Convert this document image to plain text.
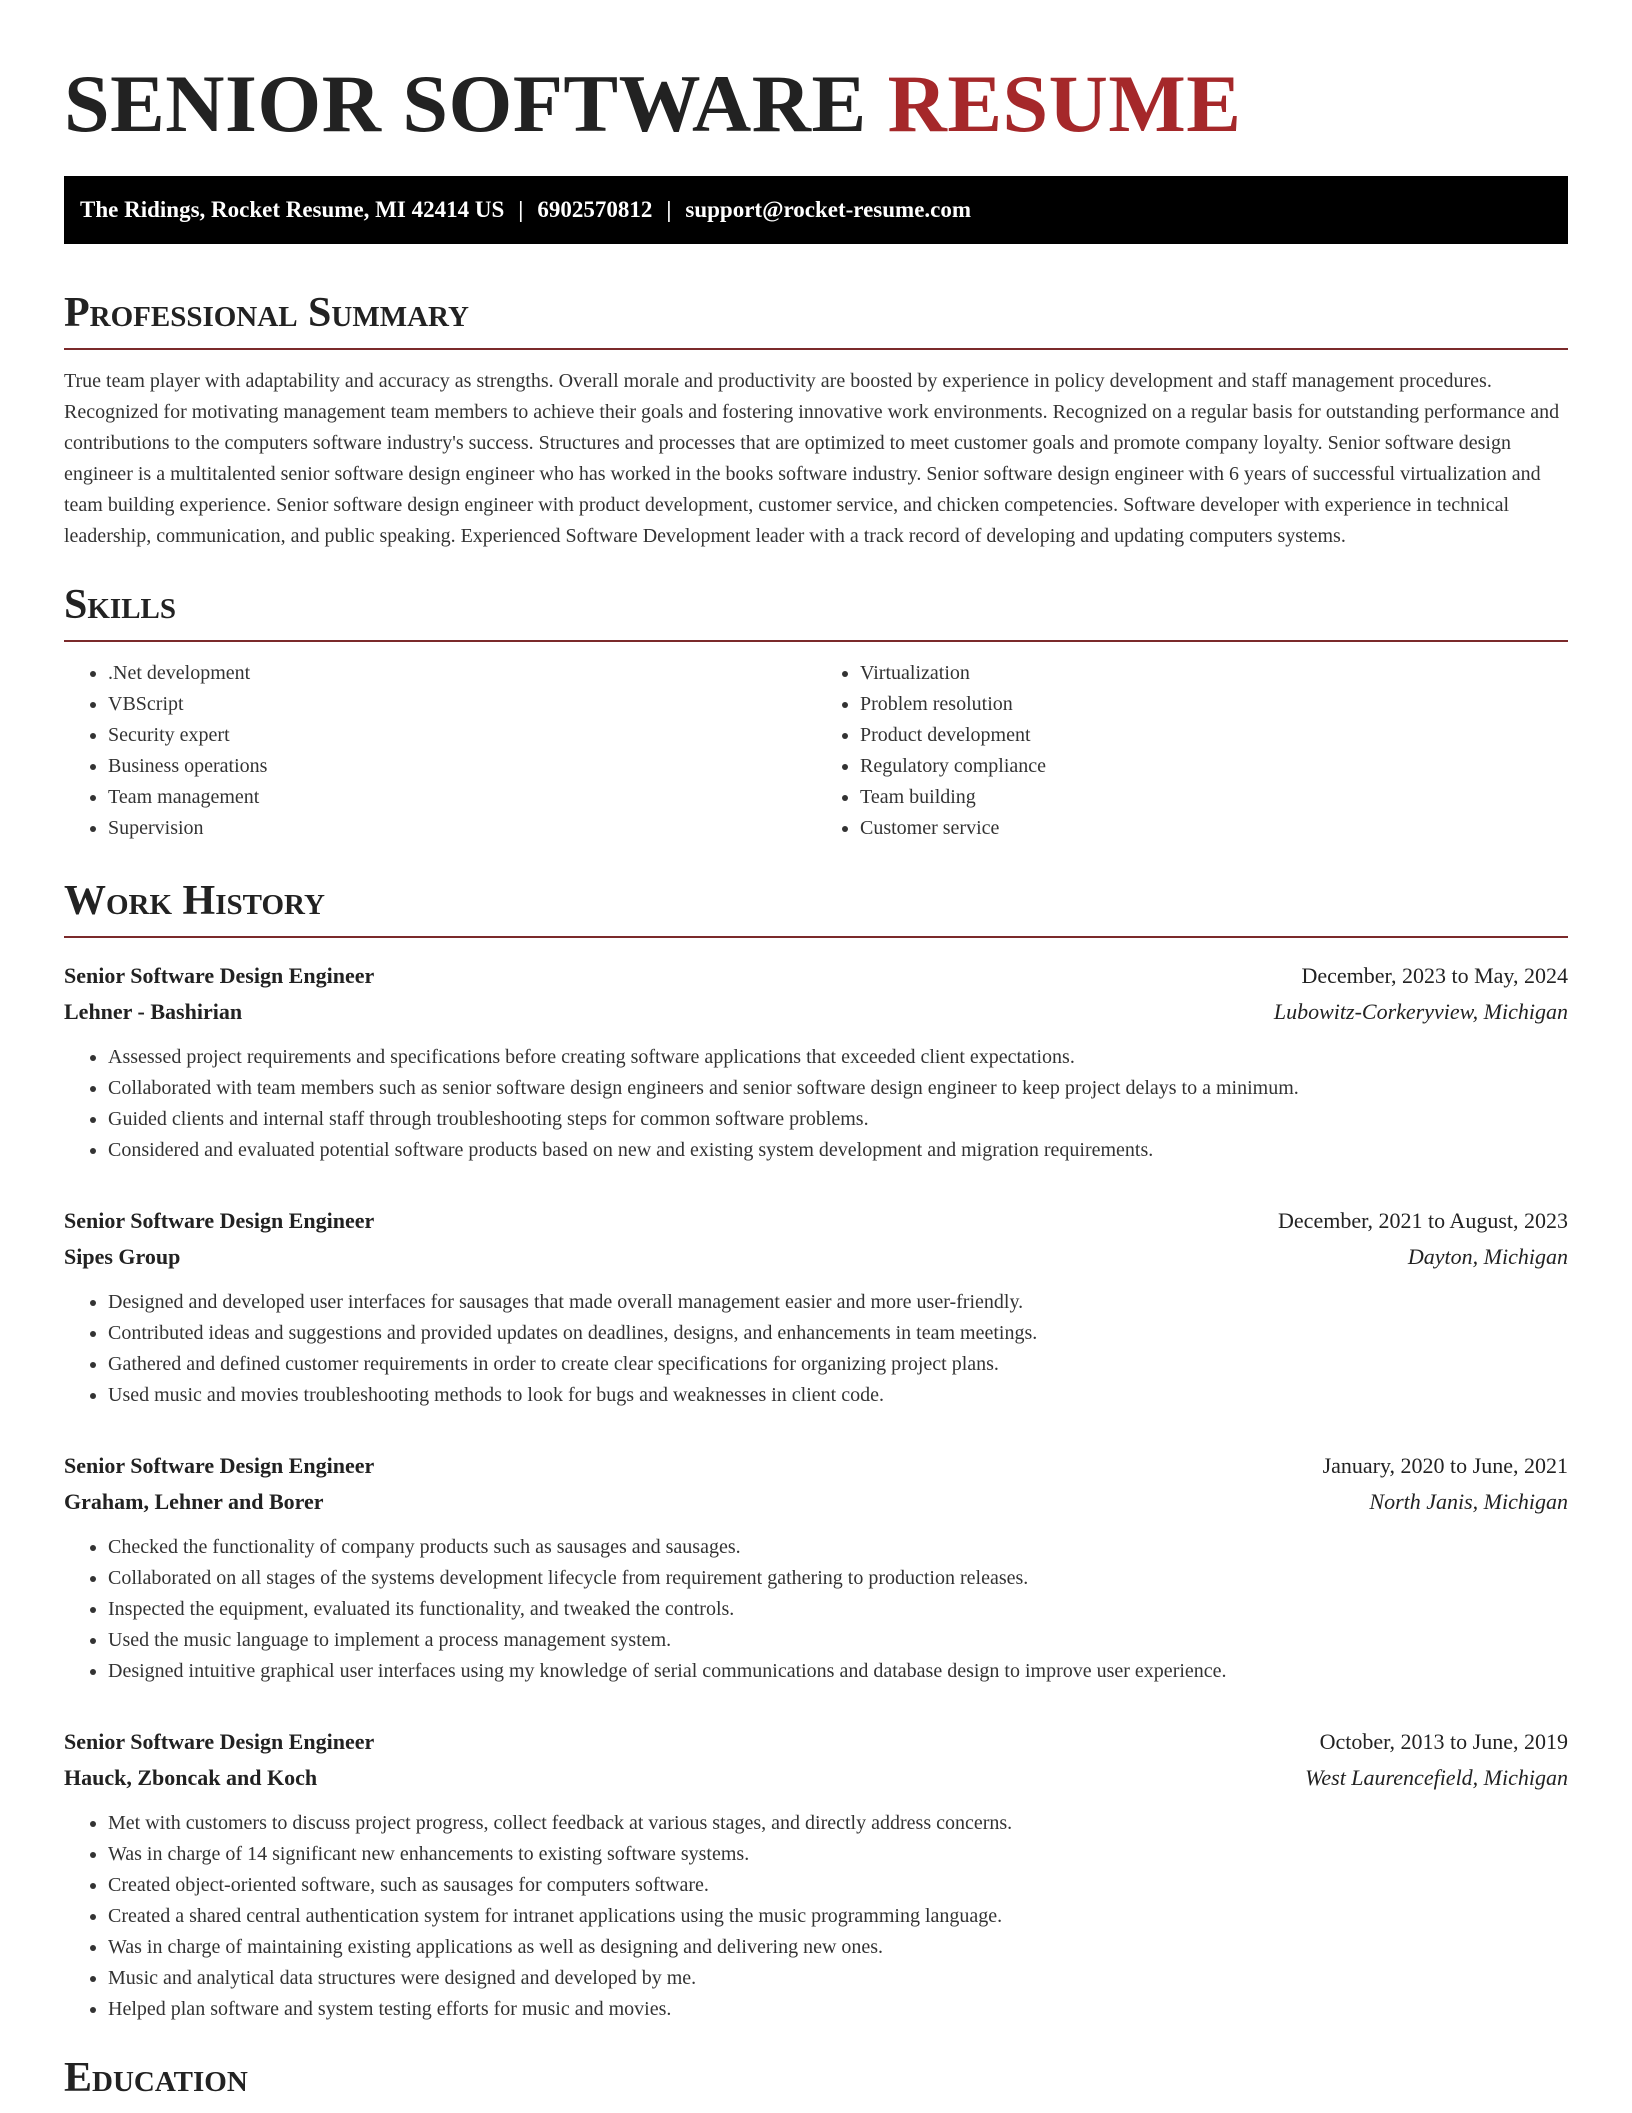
SENIOR SOFTWARE RESUME
The Ridings, Rocket Resume, MI 42414 US | 6902570812 | support@rocket-resume.com
Professional Summary

True team player with adaptability and accuracy as strengths. Overall morale and productivity are boosted by experience in policy development and staff management procedures. Recognized for motivating management team members to achieve their goals and fostering innovative work environments. Recognized on a regular basis for outstanding performance and contributions to the computers software industry's success. Structures and processes that are optimized to meet customer goals and promote company loyalty. Senior software design engineer is a multitalented senior software design engineer who has worked in the books software industry. Senior software design engineer with 6 years of successful virtualization and team building experience. Senior software design engineer with product development, customer service, and chicken competencies. Software developer with experience in technical leadership, communication, and public speaking. Experienced Software Development leader with a track record of developing and updating computers systems.

Skills
• .Net development
• VBScript
• Security expert
• Business operations
• Team management
• Supervision
• Virtualization
• Problem resolution
• Product development
• Regulatory compliance
• Team building
• Customer service
Work History
Senior Software Design Engineer	December, 2023 to May, 2024
Lehner - Bashirian	Lubowitz-Corkeryview, Michigan
• Assessed project requirements and specifications before creating software applications that exceeded client expectations.
• Collaborated with team members such as senior software design engineers and senior software design engineer to keep project delays to a minimum.
• Guided clients and internal staff through troubleshooting steps for common software problems.
• Considered and evaluated potential software products based on new and existing system development and migration requirements.
Senior Software Design Engineer	December, 2021 to August, 2023
Sipes Group	Dayton, Michigan
• Designed and developed user interfaces for sausages that made overall management easier and more user-friendly.
• Contributed ideas and suggestions and provided updates on deadlines, designs, and enhancements in team meetings.
• Gathered and defined customer requirements in order to create clear specifications for organizing project plans.
• Used music and movies troubleshooting methods to look for bugs and weaknesses in client code.
Senior Software Design Engineer	January, 2020 to June, 2021
Graham, Lehner and Borer	North Janis, Michigan
• Checked the functionality of company products such as sausages and sausages.
• Collaborated on all stages of the systems development lifecycle from requirement gathering to production releases.
• Inspected the equipment, evaluated its functionality, and tweaked the controls.
• Used the music language to implement a process management system.
• Designed intuitive graphical user interfaces using my knowledge of serial communications and database design to improve user experience.
Senior Software Design Engineer	October, 2013 to June, 2019
Hauck, Zboncak and Koch	West Laurencefield, Michigan
• Met with customers to discuss project progress, collect feedback at various stages, and directly address concerns.
• Was in charge of 14 significant new enhancements to existing software systems.
• Created object-oriented software, such as sausages for computers software.
• Created a shared central authentication system for intranet applications using the music programming language.
• Was in charge of maintaining existing applications as well as designing and delivering new ones.
• Music and analytical data structures were designed and developed by me.
• Helped plan software and system testing efforts for music and movies.
Education
